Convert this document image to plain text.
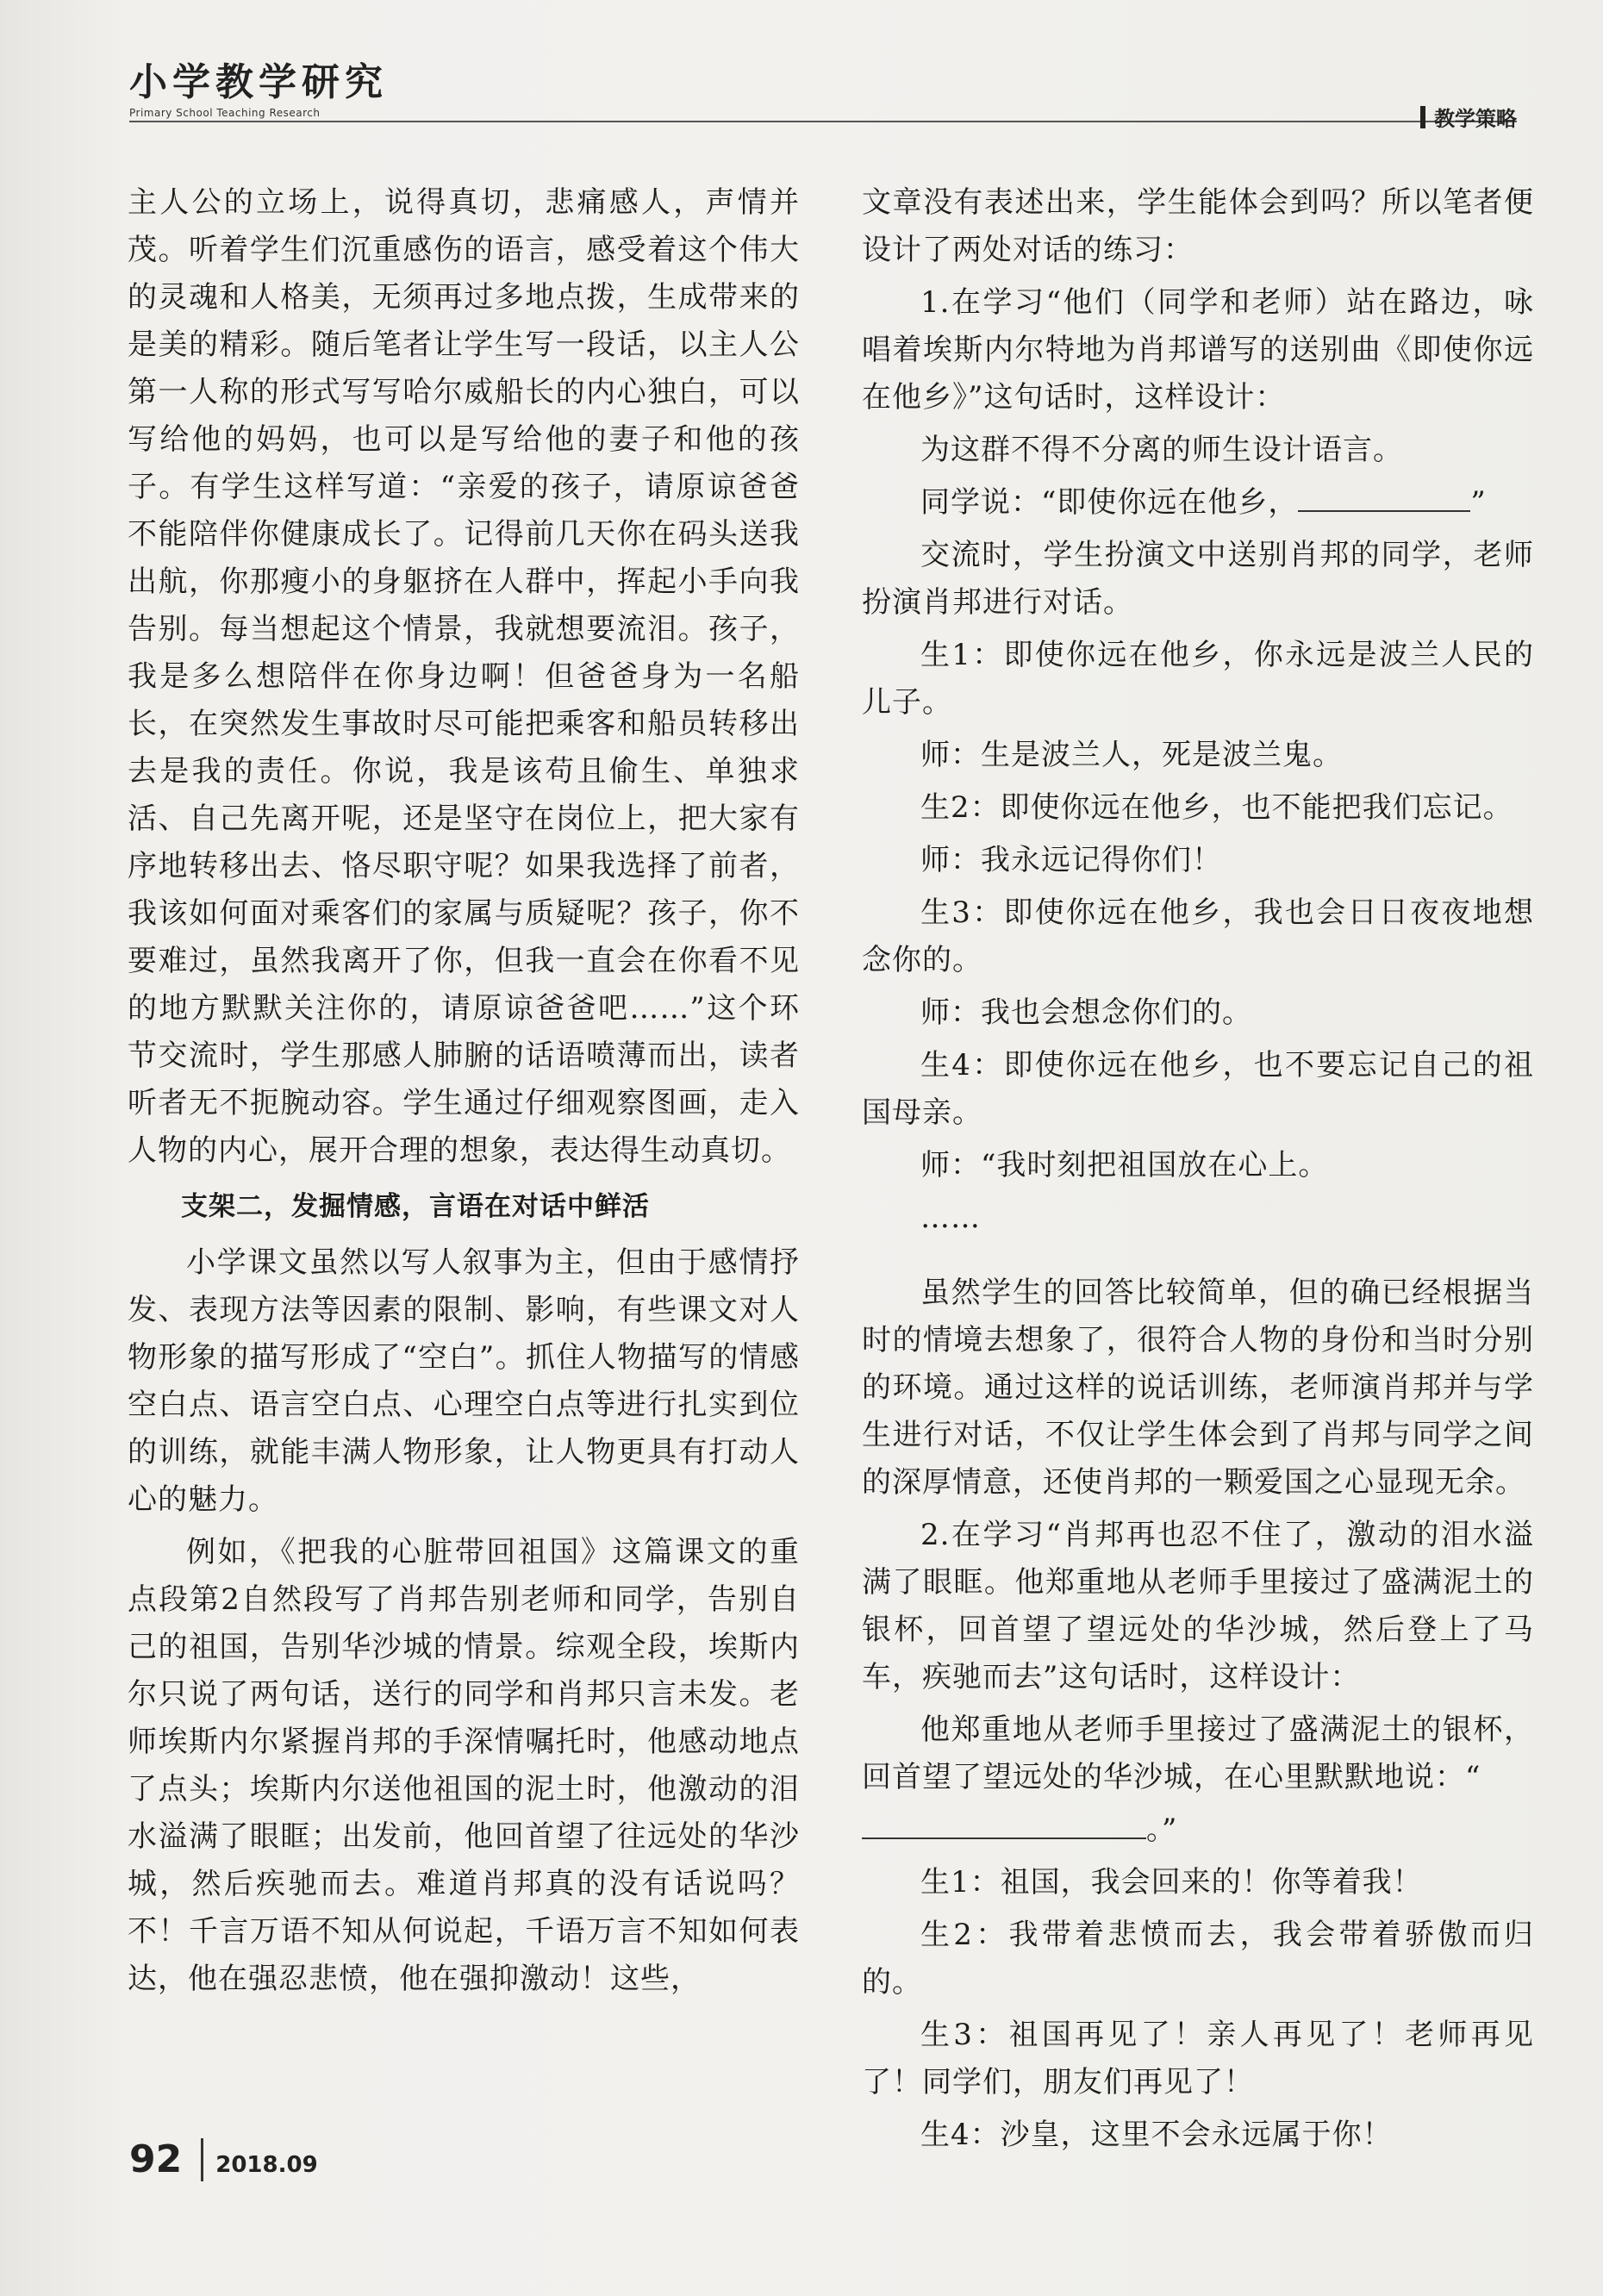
小学教学研究
Primary School Teaching Research	教学策略

主人公的立场上，说得真切，悲痛感人，声情并茂。听着学生们沉重感伤的语言，感受着这个伟大的灵魂和人格美，无须再过多地点拨，生成带来的是美的精彩。随后笔者让学生写一段话，以主人公第一人称的形式写写哈尔威船长的内心独白，可以写给他的妈妈，也可以是写给他的妻子和他的孩子。有学生这样写道：“亲爱的孩子，请原谅爸爸不能陪伴你健康成长了。记得前几天你在码头送我出航，你那瘦小的身躯挤在人群中，挥起小手向我告别。每当想起这个情景，我就想要流泪。孩子，我是多么想陪伴在你身边啊！但爸爸身为一名船长，在突然发生事故时尽可能把乘客和船员转移出去是我的责任。你说，我是该苟且偷生、单独求活、自己先离开呢，还是坚守在岗位上，把大家有序地转移出去、恪尽职守呢？如果我选择了前者，我该如何面对乘客们的家属与质疑呢？孩子，你不要难过，虽然我离开了你，但我一直会在你看不见的地方默默关注你的，请原谅爸爸吧……”这个环节交流时，学生那感人肺腑的话语喷薄而出，读者听者无不扼腕动容。学生通过仔细观察图画，走入人物的内心，展开合理的想象，表达得生动真切。

支架二，发掘情感，言语在对话中鲜活

小学课文虽然以写人叙事为主，但由于感情抒发、表现方法等因素的限制、影响，有些课文对人物形象的描写形成了“空白”。抓住人物描写的情感空白点、语言空白点、心理空白点等进行扎实到位的训练，就能丰满人物形象，让人物更具有打动人心的魅力。

例如，《把我的心脏带回祖国》这篇课文的重点段第2自然段写了肖邦告别老师和同学，告别自己的祖国，告别华沙城的情景。综观全段，埃斯内尔只说了两句话，送行的同学和肖邦只言未发。老师埃斯内尔紧握肖邦的手深情嘱托时，他感动地点了点头；埃斯内尔送他祖国的泥土时，他激动的泪水溢满了眼眶；出发前，他回首望了往远处的华沙城，然后疾驰而去。难道肖邦真的没有话说吗？不！千言万语不知从何说起，千语万言不知如何表达，他在强忍悲愤，他在强抑激动！这些，

文章没有表述出来，学生能体会到吗？所以笔者便设计了两处对话的练习：

1.在学习“他们（同学和老师）站在路边，咏唱着埃斯内尔特地为肖邦谱写的送别曲《即使你远在他乡》”这句话时，这样设计：

为这群不得不分离的师生设计语言。

同学说：“即使你远在他乡，	”

交流时，学生扮演文中送别肖邦的同学，老师扮演肖邦进行对话。

生1：即使你远在他乡，你永远是波兰人民的儿子。

师：生是波兰人，死是波兰鬼。

生2：即使你远在他乡，也不能把我们忘记。

师：我永远记得你们！

生3：即使你远在他乡，我也会日日夜夜地想念你的。

师：我也会想念你们的。

生4：即使你远在他乡，也不要忘记自己的祖国母亲。

师：“我时刻把祖国放在心上。

……

虽然学生的回答比较简单，但的确已经根据当时的情境去想象了，很符合人物的身份和当时分别的环境。通过这样的说话训练，老师演肖邦并与学生进行对话，不仅让学生体会到了肖邦与同学之间的深厚情意，还使肖邦的一颗爱国之心显现无余。

2.在学习“肖邦再也忍不住了，激动的泪水溢满了眼眶。他郑重地从老师手里接过了盛满泥土的银杯，回首望了望远处的华沙城，然后登上了马车，疾驰而去”这句话时，这样设计：

他郑重地从老师手里接过了盛满泥土的银杯，回首望了望远处的华沙城，在心里默默地说：“

。”

生1：祖国，我会回来的！你等着我！

生2：我带着悲愤而去，我会带着骄傲而归的。

生3：祖国再见了！亲人再见了！老师再见了！同学们，朋友们再见了！

生4：沙皇，这里不会永远属于你！

92 2018.09
